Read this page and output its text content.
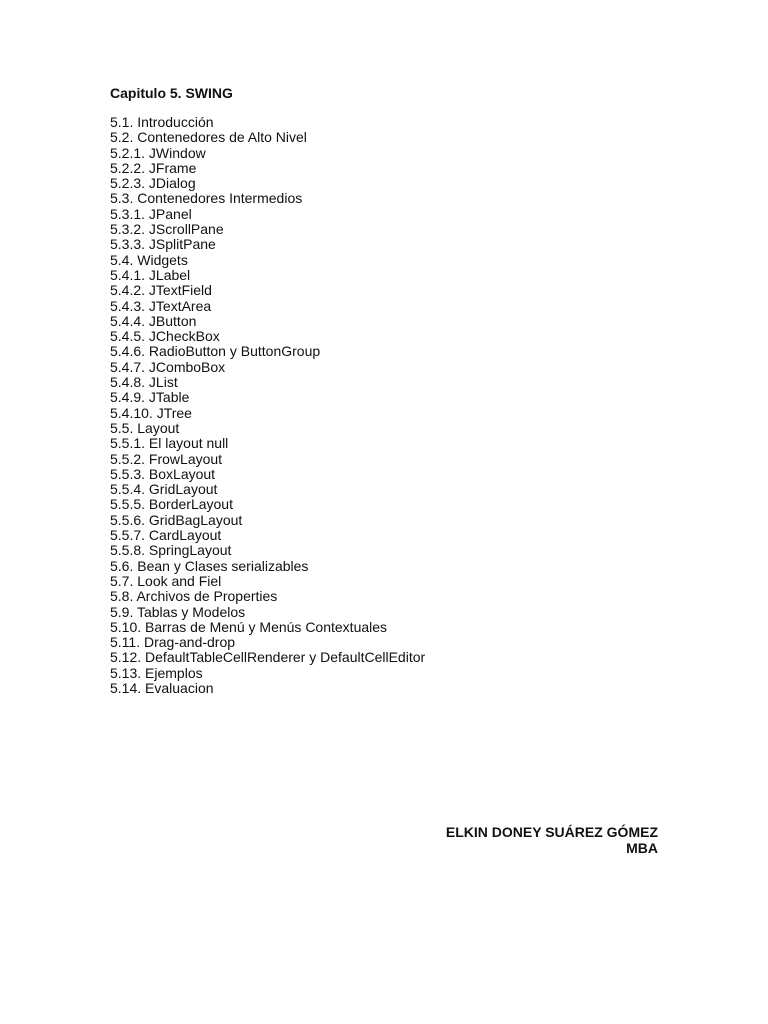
Capitulo 5. SWING
5.1. Introducción
5.2. Contenedores de Alto Nivel
5.2.1. JWindow
5.2.2. JFrame
5.2.3. JDialog
5.3. Contenedores Intermedios
5.3.1. JPanel
5.3.2. JScrollPane
5.3.3. JSplitPane
5.4. Widgets
5.4.1. JLabel
5.4.2. JTextField
5.4.3. JTextArea
5.4.4. JButton
5.4.5. JCheckBox
5.4.6. RadioButton y ButtonGroup
5.4.7. JComboBox
5.4.8. JList
5.4.9. JTable
5.4.10. JTree
5.5. Layout
5.5.1. El layout null
5.5.2. FrowLayout
5.5.3. BoxLayout
5.5.4. GridLayout
5.5.5. BorderLayout
5.5.6. GridBagLayout
5.5.7. CardLayout
5.5.8. SpringLayout
5.6. Bean y Clases serializables
5.7. Look and Fiel
5.8. Archivos de Properties
5.9. Tablas y Modelos
5.10. Barras de Menú y Menús Contextuales
5.11. Drag-and-drop
5.12. DefaultTableCellRenderer y DefaultCellEditor
5.13. Ejemplos
5.14. Evaluacion
ELKIN DONEY SUÁREZ GÓMEZ
MBA
